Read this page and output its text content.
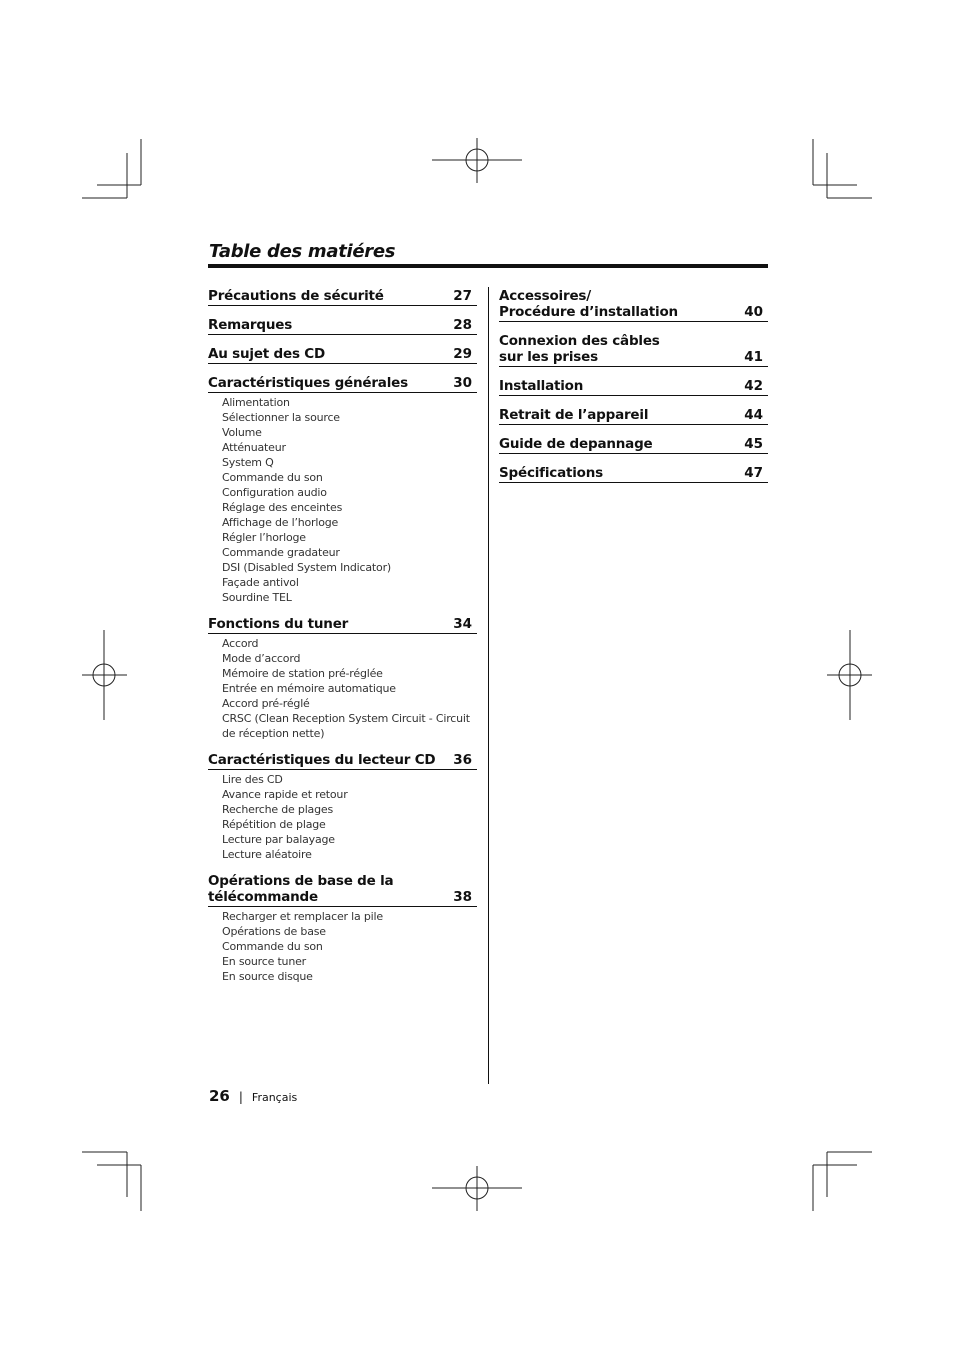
Table des matiéres
Précautions de sécurité	27
Remarques	28
Au sujet des CD	29
Caractéristiques générales	30
Alimentation
Sélectionner la source
Volume
Atténuateur
System Q
Commande du son
Configuration audio
Réglage des enceintes
Affichage de l’horloge
Régler l’horloge
Commande gradateur
DSI (Disabled System Indicator)
Façade antivol
Sourdine TEL
Fonctions du tuner	34
Accord
Mode d’accord
Mémoire de station pré-réglée
Entrée en mémoire automatique
Accord pré-réglé
CRSC (Clean Reception System Circuit - Circuit de réception nette)
Caractéristiques du lecteur CD 36
Lire des CD
Avance rapide et retour
Recherche de plages
Répétition de plage
Lecture par balayage
Lecture aléatoire
Opérations de base de la
télécommande	38
Recharger et remplacer la pile
Opérations de base
Commande du son
En source tuner
En source disque
Accessoires/
Procédure d’installation	40
Connexion des câbles
sur les prises	41
Installation	42
Retrait de l’appareil	44
Guide de depannage	45
Spécifications	47
26 | Français
